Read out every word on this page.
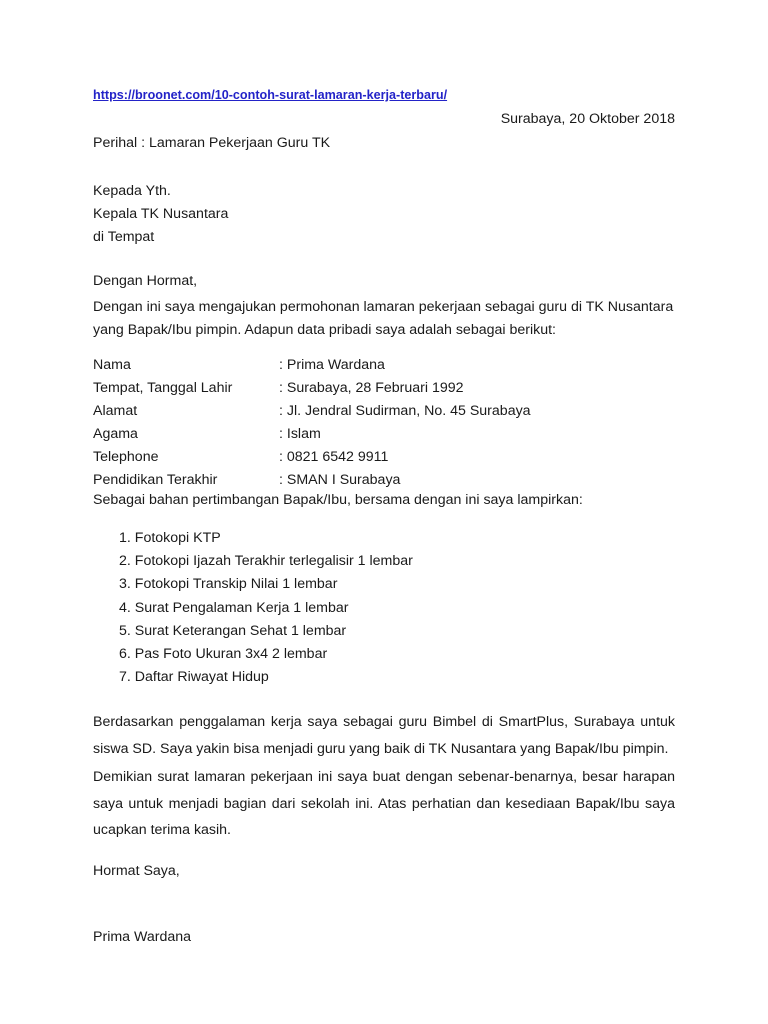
https://broonet.com/10-contoh-surat-lamaran-kerja-terbaru/
Surabaya, 20 Oktober 2018
Perihal : Lamaran Pekerjaan Guru TK
Kepada Yth.
Kepala TK Nusantara
di Tempat
Dengan Hormat,
Dengan ini saya mengajukan permohonan lamaran pekerjaan sebagai guru di TK Nusantara
yang Bapak/Ibu pimpin. Adapun data pribadi saya adalah sebagai berikut:
Nama	: Prima Wardana
Tempat, Tanggal Lahir	: Surabaya, 28 Februari 1992
Alamat	: Jl. Jendral Sudirman, No. 45 Surabaya
Agama	: Islam
Telephone	: 0821 6542 9911
Pendidikan Terakhir	: SMAN I Surabaya
Sebagai bahan pertimbangan Bapak/Ibu, bersama dengan ini saya lampirkan:
1. Fotokopi KTP
2. Fotokopi Ijazah Terakhir terlegalisir 1 lembar
3. Fotokopi Transkip Nilai 1 lembar
4. Surat Pengalaman Kerja 1 lembar
5. Surat Keterangan Sehat 1 lembar
6. Pas Foto Ukuran 3x4 2 lembar
7. Daftar Riwayat Hidup
Berdasarkan penggalaman kerja saya sebagai guru Bimbel di SmartPlus, Surabaya untuk siswa SD. Saya yakin bisa menjadi guru yang baik di TK Nusantara yang Bapak/Ibu pimpin.
Demikian surat lamaran pekerjaan ini saya buat dengan sebenar-benarnya, besar harapan saya untuk menjadi bagian dari sekolah ini. Atas perhatian dan kesediaan Bapak/Ibu saya ucapkan terima kasih.
Hormat Saya,
Prima Wardana
